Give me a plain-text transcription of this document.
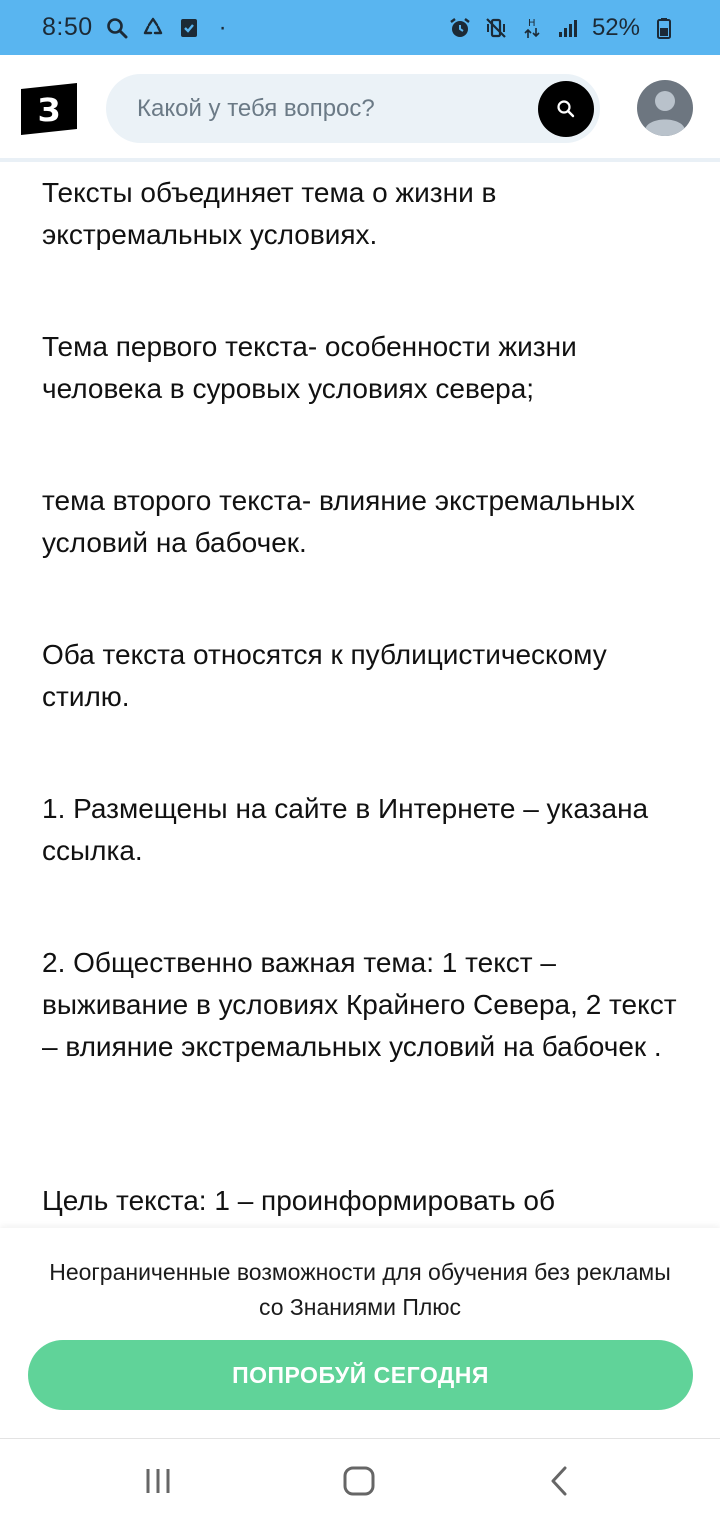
8:50	·	H 52%
З
Какой у тебя вопрос?

Тексты объединяет тема о жизни в экстремальных условиях.

Тема первого текста- особенности жизни человека в суровых условиях севера;

тема второго текста- влияние экстремальных условий на бабочек.

Оба текста относятся к публицистическому стилю.

1. Размещены на сайте в Интернете – указана ссылка.

2. Общественно важная тема: 1 текст – выживание в условиях Крайнего Севера, 2 текст – влияние экстремальных условий на бабочек .

Цель текста: 1 – проинформировать об

Неограниченные возможности для обучения без рекламы со Знаниями Плюс
ПОПРОБУЙ СЕГОДНЯ
